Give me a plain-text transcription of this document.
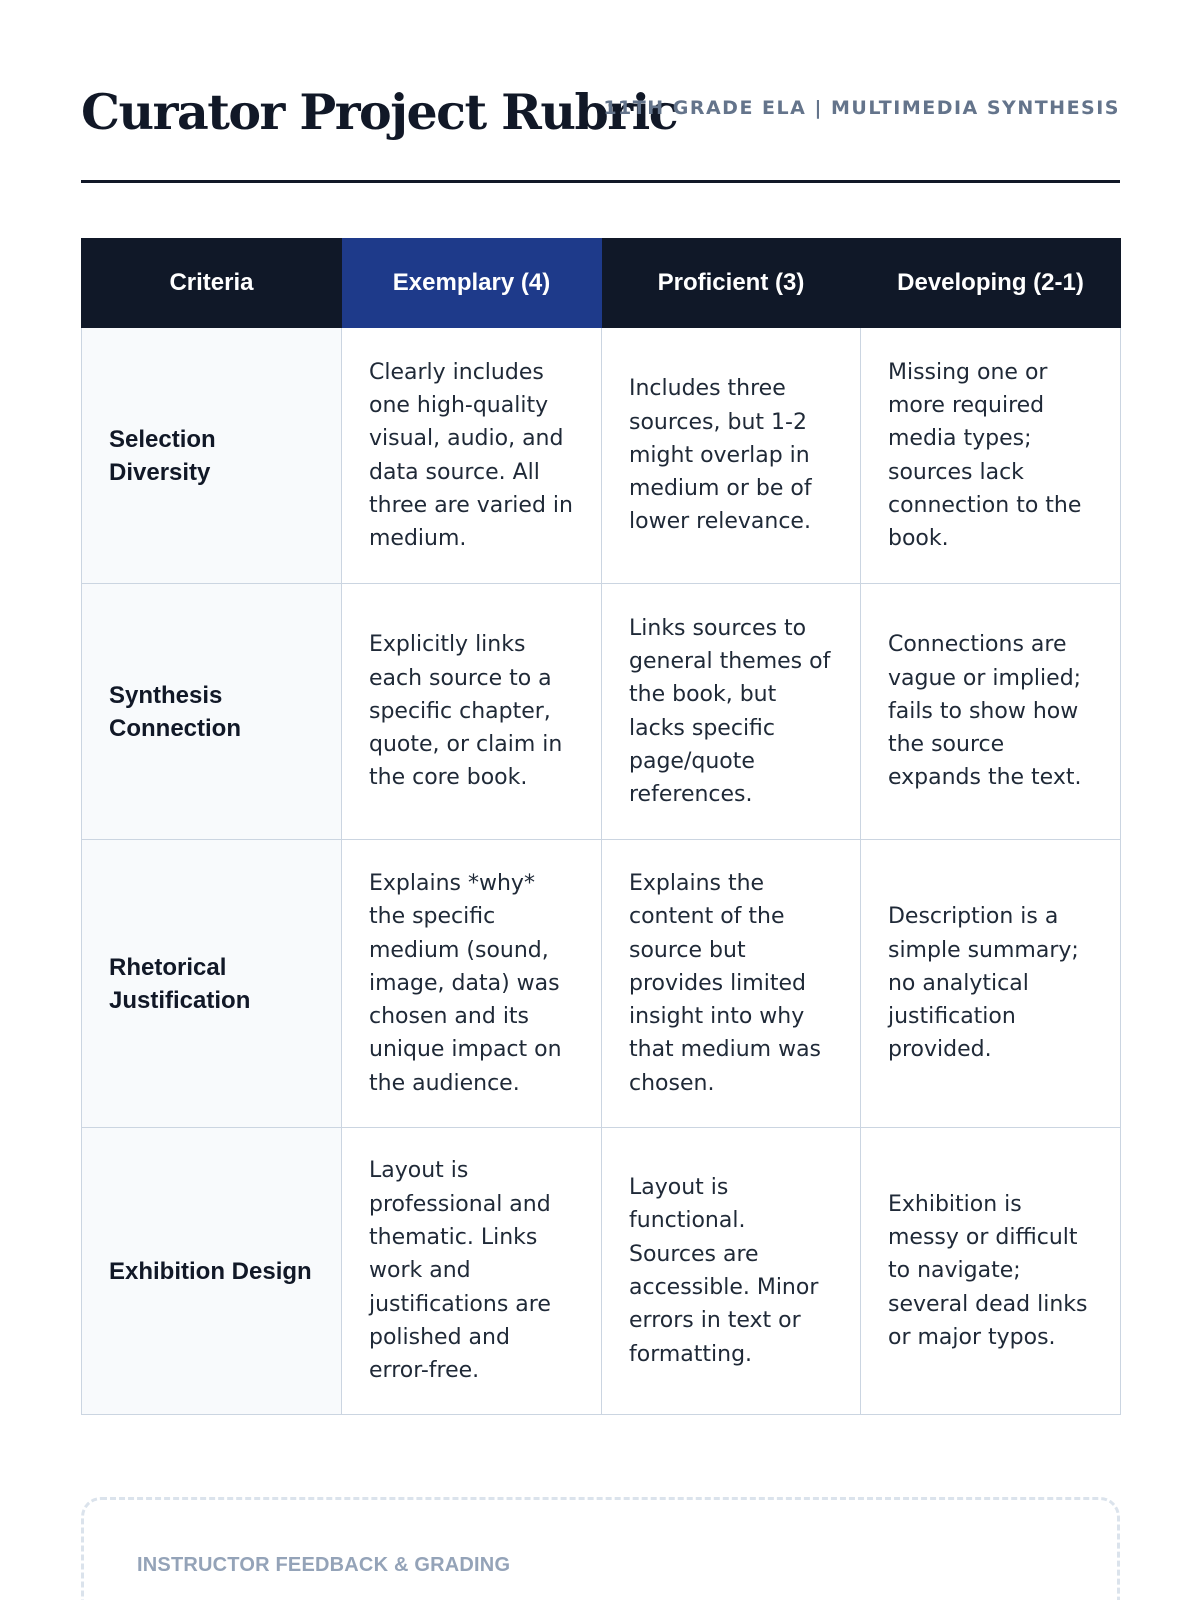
Curator Project Rubric
11TH GRADE ELA | MULTIMEDIA SYNTHESIS
Criteria	Exemplary (4)	Proficient (3)	Developing (2-1)
Selection Diversity	Clearly includes one high-quality visual, audio, and data source. All three are varied in medium.	Includes three sources, but 1-2 might overlap in medium or be of lower relevance.	Missing one or more required media types; sources lack connection to the book.
Synthesis Connection	Explicitly links each source to a specific chapter, quote, or claim in the core book.	Links sources to general themes of the book, but lacks specific page/quote references.	Connections are vague or implied; fails to show how the source expands the text.
Rhetorical Justification	Explains *why* the specific medium (sound, image, data) was chosen and its unique impact on the audience.	Explains the content of the source but provides limited insight into why that medium was chosen.	Description is a simple summary; no analytical justification provided.
Exhibition Design	Layout is professional and thematic. Links work and justifications are polished and error-free.	Layout is functional. Sources are accessible. Minor errors in text or formatting.	Exhibition is messy or difficult to navigate; several dead links or major typos.
INSTRUCTOR FEEDBACK & GRADING
